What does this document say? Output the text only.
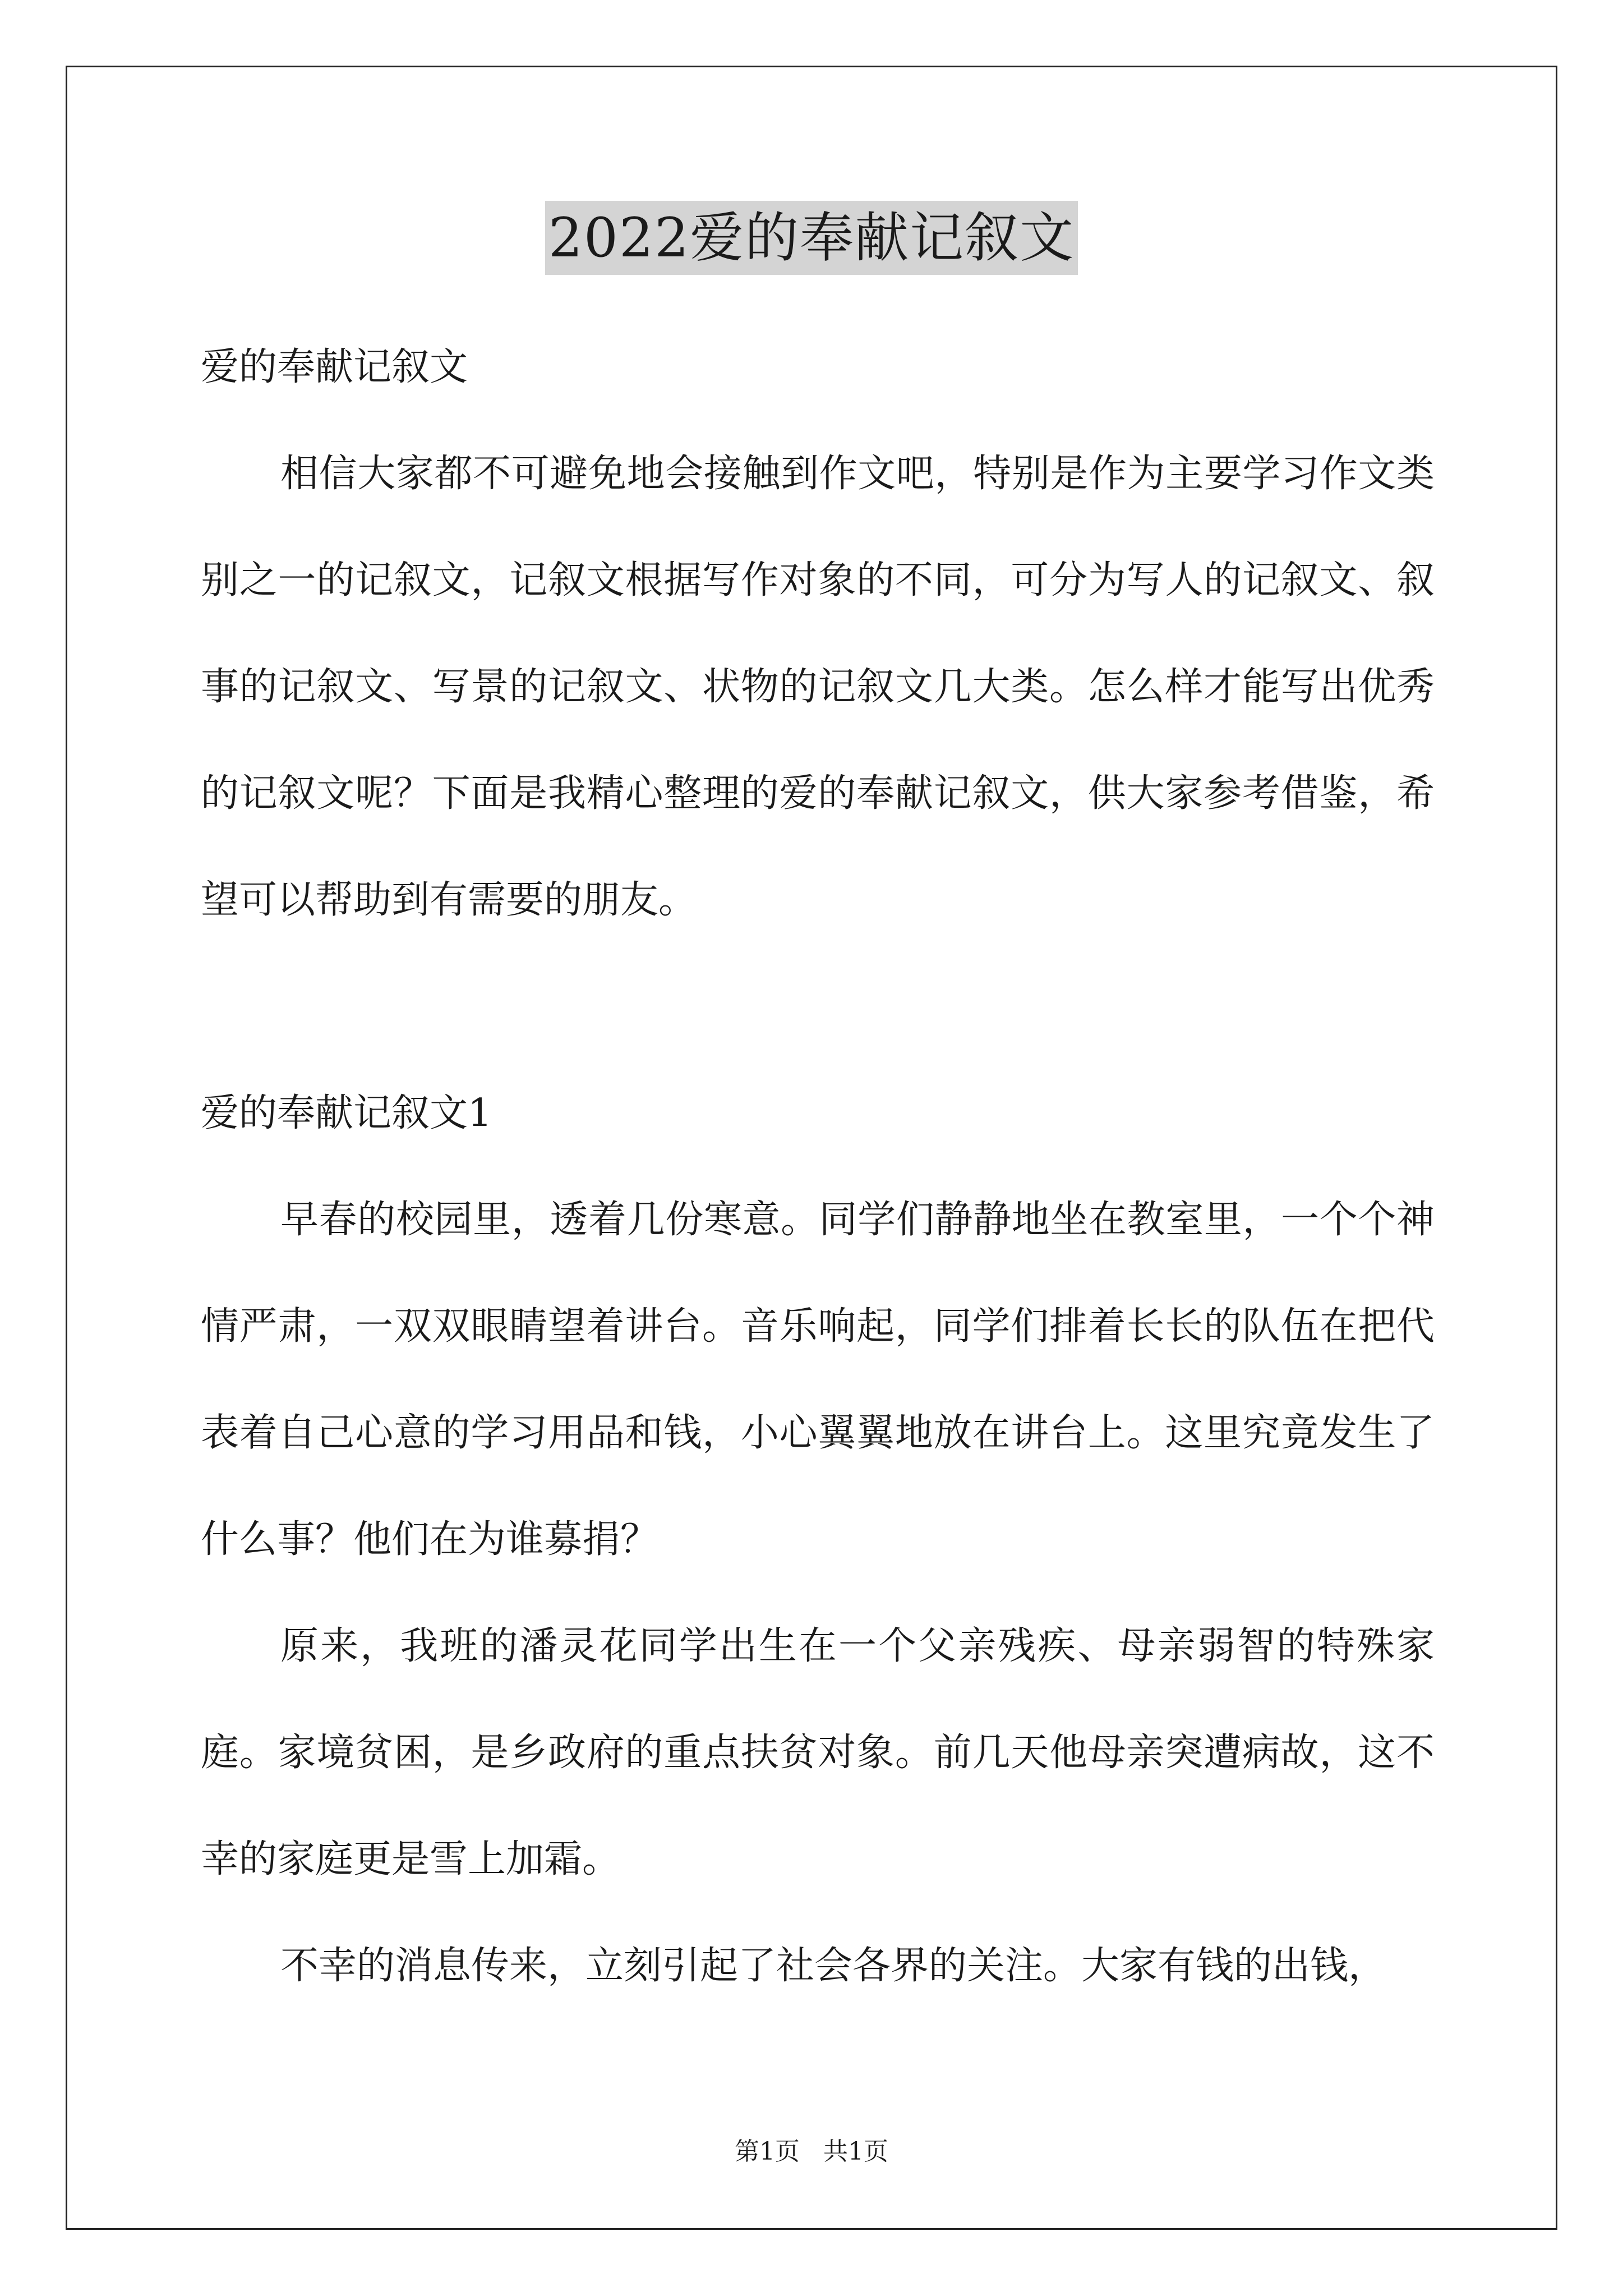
2022爱的奉献记叙文

爱的奉献记叙文

相信大家都不可避免地会接触到作文吧，特别是作为主要学习作文类别之一的记叙文，记叙文根据写作对象的不同，可分为写人的记叙文、叙事的记叙文、写景的记叙文、状物的记叙文几大类。怎么样才能写出优秀的记叙文呢？下面是我精心整理的爱的奉献记叙文，供大家参考借鉴，希望可以帮助到有需要的朋友。

爱的奉献记叙文1

早春的校园里，透着几份寒意。同学们静静地坐在教室里，一个个神情严肃，一双双眼睛望着讲台。音乐响起，同学们排着长长的队伍在把代表着自己心意的学习用品和钱，小心翼翼地放在讲台上。这里究竟发生了什么事？他们在为谁募捐？

原来，我班的潘灵花同学出生在一个父亲残疾、母亲弱智的特殊家庭。家境贫困，是乡政府的重点扶贫对象。前几天他母亲突遭病故，这不幸的家庭更是雪上加霜。

不幸的消息传来，立刻引起了社会各界的关注。大家有钱的出钱，

第1页   共1页
